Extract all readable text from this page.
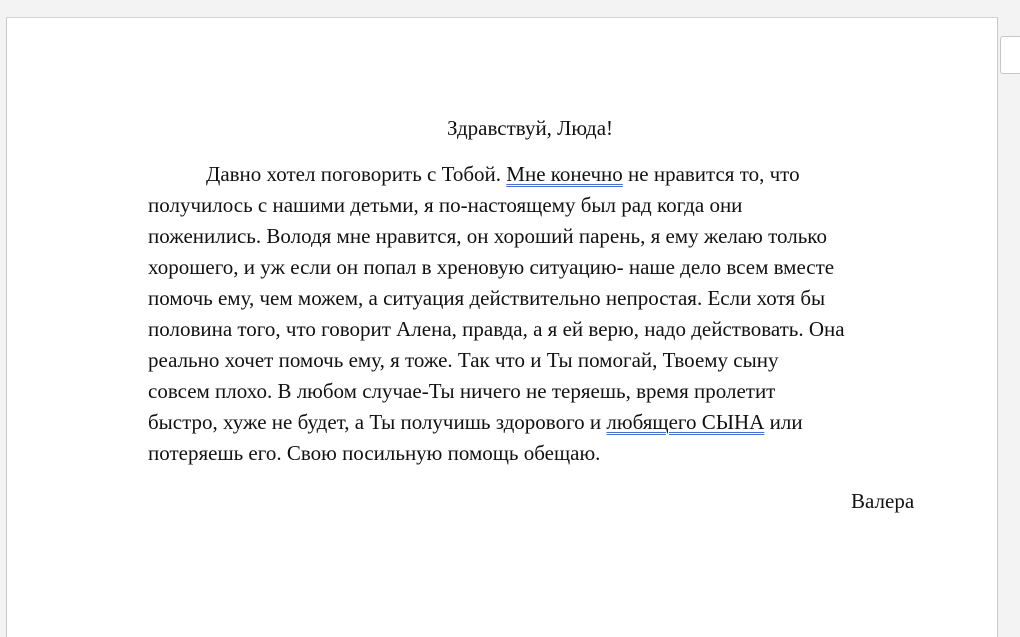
Здравствуй, Люда!
Давно хотел поговорить с Тобой. Мне конечно не нравится то, что
получилось с нашими детьми, я по-настоящему был рад когда они
поженились. Володя мне нравится, он хороший парень, я ему желаю только
хорошего, и уж если он попал в хреновую ситуацию- наше дело всем вместе
помочь ему, чем можем, а ситуация действительно непростая. Если хотя бы
половина того, что говорит Алена, правда, а я ей верю, надо действовать. Она
реально хочет помочь ему, я тоже. Так что и Ты помогай, Твоему сыну
совсем плохо. В любом случае-Ты ничего не теряешь, время пролетит
быстро, хуже не будет, а Ты получишь здорового и любящего СЫНА или
потеряешь его. Свою посильную помощь обещаю.
Валера
